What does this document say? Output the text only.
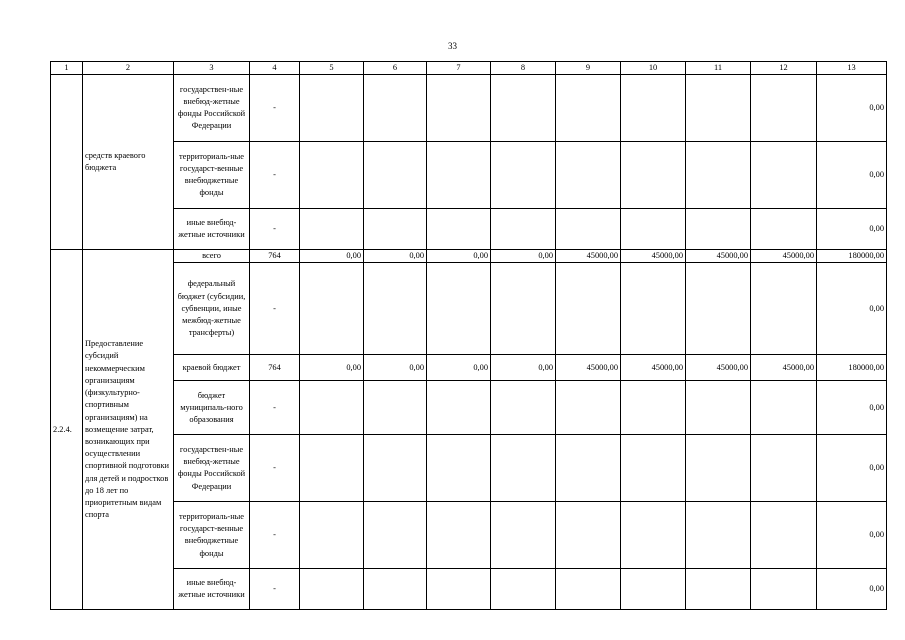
33
1	2	3	4	5	6	7	8	9	10	11	12	13
	средств краевого бюджета	государствен-ные внебюд-жетные фонды Российской Федерации	-									0,00
		территориаль-ные государст-венные внебюджетные фонды	-									0,00
		иные внебюд-жетные источники	-									0,00
2.2.4.	Предоставление субсидий некоммерческим организациям (физкультурно-спортивным организациям) на возмещение затрат, возникающих при осуществлении спортивной подготовки для детей и подростков до 18 лет по приоритетным видам спорта	всего	764	0,00	0,00	0,00	0,00	45000,00	45000,00	45000,00	45000,00	180000,00
		федеральный бюджет (субсидии, субвенции, иные межбюд-жетные трансферты)	-									0,00
		краевой бюджет	764	0,00	0,00	0,00	0,00	45000,00	45000,00	45000,00	45000,00	180000,00
		бюджет муниципаль-ного образования	-									0,00
		государствен-ные внебюд-жетные фонды Российской Федерации	-									0,00
		территориаль-ные государст-венные внебюджетные фонды	-									0,00
		иные внебюд-жетные источники	-									0,00
